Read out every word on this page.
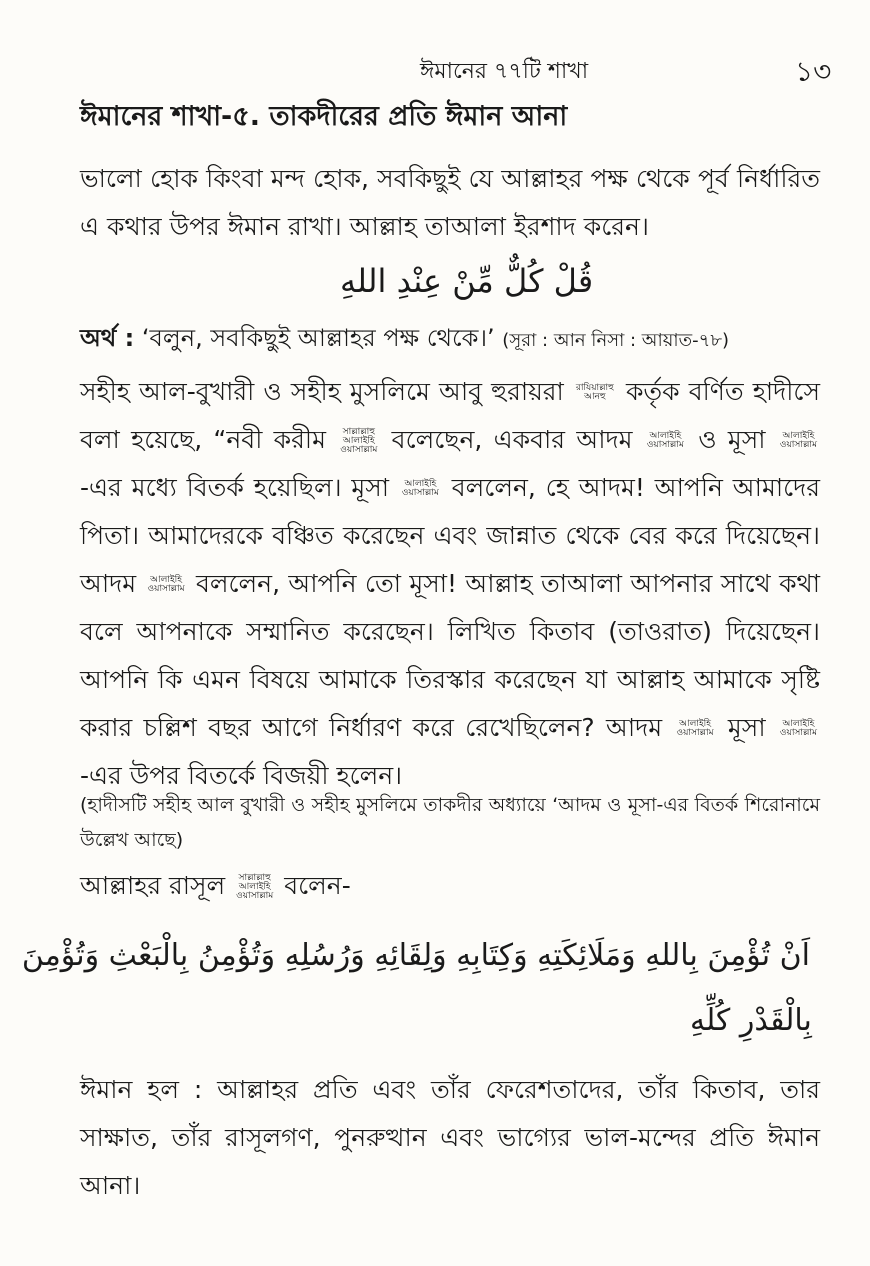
ঈমানের ৭৭টি শাখা	১৩
ঈমানের শাখা-৫. তাকদীরের প্রতি ঈমান আনা
ভালো হোক কিংবা মন্দ হোক, সবকিছুই যে আল্লাহর পক্ষ থেকে পূর্ব নির্ধারিত এ কথার উপর ঈমান রাখা। আল্লাহ তাআলা ইরশাদ করেন।
قُلْ كُلٌّ مِّنْ عِنْدِ اللهِ
অর্থ : ‘বলুন, সবকিছুই আল্লাহর পক্ষ থেকে।’ (সূরা : আন নিসা : আয়াত-৭৮)
সহীহ আল-বুখারী ও সহীহ মুসলিমে আবু হুরায়রা রাযিয়াল্লাহু
আনহু কর্তৃক বর্ণিত হাদীসে বলা হয়েছে, “নবী করীম সাল্লাল্লাহু
আলাইহি
ওয়াসাল্লাম বলেছেন, একবার আদম আলাইহি
ওয়াসাল্লাম ও মূসা আলাইহি
ওয়াসাল্লাম
-এর মধ্যে বিতর্ক হয়েছিল। মূসা আলাইহি
ওয়াসাল্লাম বললেন, হে আদম! আপনি আমাদের পিতা। আমাদেরকে বঞ্চিত করেছেন এবং জান্নাত থেকে বের করে দিয়েছেন। আদম আলাইহি
ওয়াসাল্লাম বললেন, আপনি তো মূসা! আল্লাহ তাআলা আপনার সাথে কথা বলে আপনাকে সম্মানিত করেছেন। লিখিত কিতাব (তাওরাত) দিয়েছেন। আপনি কি এমন বিষয়ে আমাকে তিরস্কার করেছেন যা আল্লাহ আমাকে সৃষ্টি করার চল্লিশ বছর আগে নির্ধারণ করে রেখেছিলেন? আদম আলাইহি
ওয়াসাল্লাম মূসা আলাইহি
ওয়াসাল্লাম
-এর উপর বিতর্কে বিজয়ী হলেন।
(হাদীসটি সহীহ আল বুখারী ও সহীহ মুসলিমে তাকদীর অধ্যায়ে ‘আদম ও মূসা-এর বিতর্ক শিরোনামে উল্লেখ আছে)
আল্লাহর রাসূল সাল্লাল্লাহু
আলাইহি
ওয়াসাল্লাম বলেন-
اَنْ تُؤْمِنَ بِاللهِ وَمَلَائِكَتِهِ وَكِتَابِهِ وَلِقَائِهِ وَرُسُلِهِ وَتُؤْمِنُ بِالْبَعْثِ وَتُؤْمِنَ
بِالْقَدْرِ كُلِّهِ
ঈমান হল : আল্লাহর প্রতি এবং তাঁর ফেরেশতাদের, তাঁর কিতাব, তার সাক্ষাত, তাঁর রাসূলগণ, পুনরুত্থান এবং ভাগ্যের ভাল-মন্দের প্রতি ঈমান আনা।
